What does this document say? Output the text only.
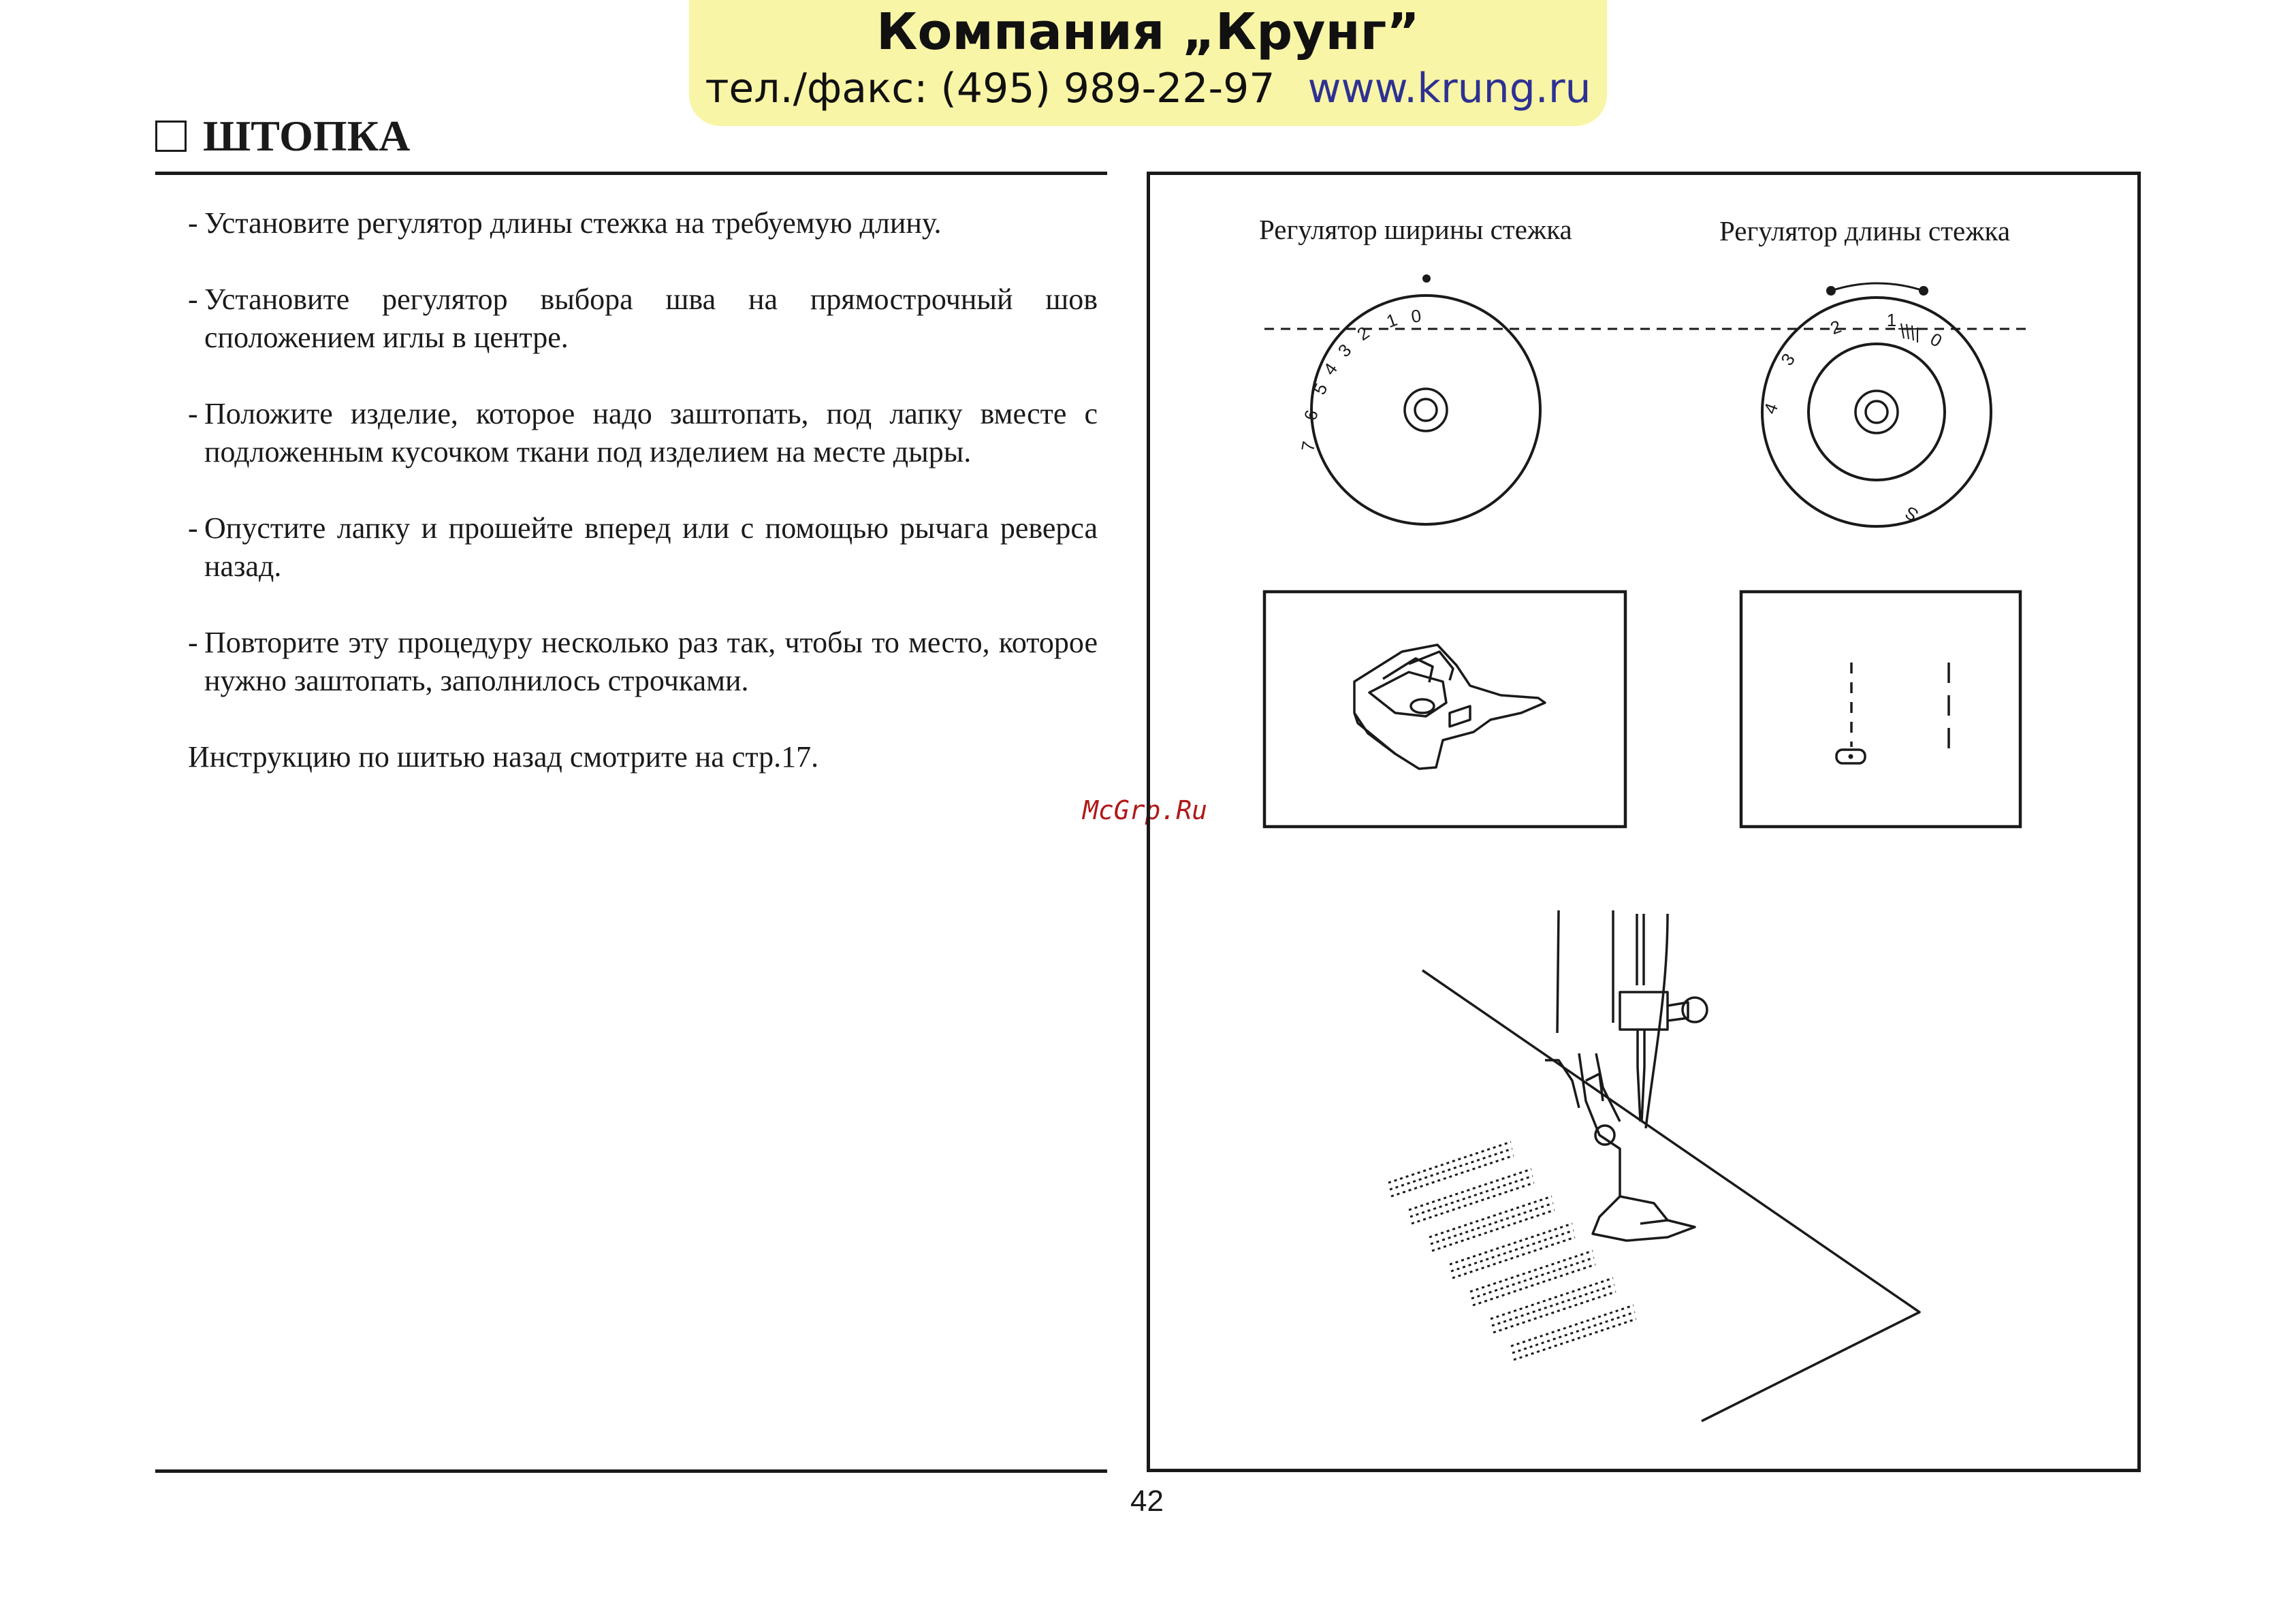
Компания „Крунг”
тел./факс: (495) 989-22-97 www.krung.ru
ШТОПКА
- Установите регулятор длины стежка на требуемую длину.
- Установите регулятор выбора шва на прямострочный шов сположением иглы в центре.
- Положите изделие, которое надо заштопать, под лапку вместе с подложенным кусочком ткани под изделием на месте дыры.
- Опустите лапку и прошейте вперед или с помощью рычага реверса назад.
- Повторите эту процедуру несколько раз так, чтобы то место, которое нужно заштопать, заполнилось строчками.
Инструкцию по шитью назад смотрите на стр.17.
McGrp.Ru
Регулятор ширины стежка	Регулятор длины стежка
7
6
5
4
3
2
1 0
4
3
2 1
0
S
42
